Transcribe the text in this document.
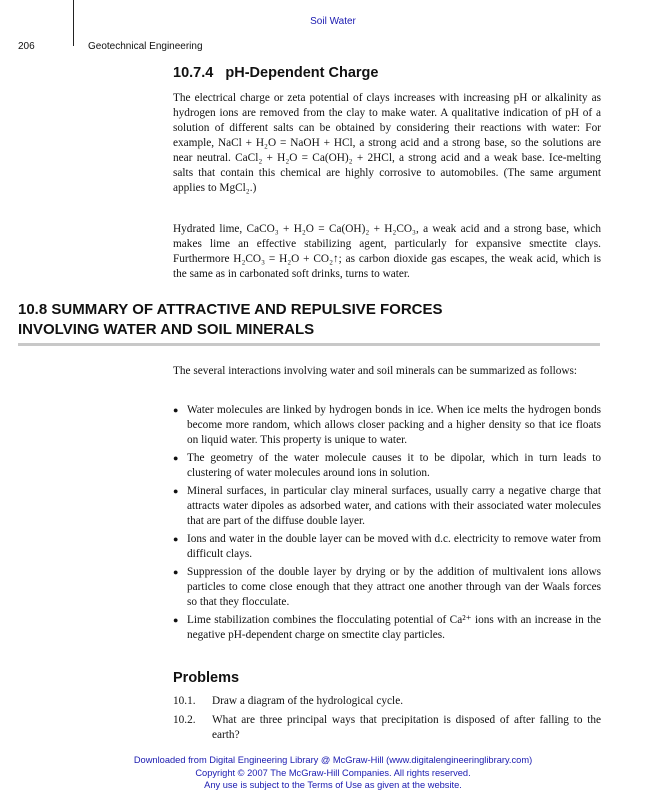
Soil Water
206	Geotechnical Engineering
10.7.4   pH-Dependent Charge

The electrical charge or zeta potential of clays increases with increasing pH or alkalinity as hydrogen ions are removed from the clay to make water. A qualitative indication of pH of a solution of different salts can be obtained by considering their reactions with water: For example, NaCl + H₂O = NaOH + HCl, a strong acid and a strong base, so the solutions are near neutral. CaCl₂ + H₂O = Ca(OH)₂ + 2HCl, a strong acid and a weak base. Ice-melting salts that contain this chemical are highly corrosive to automobiles. (The same argument applies to MgCl₂.)

Hydrated lime, CaCO₃ + H₂O = Ca(OH)₂ + H₂CO₃, a weak acid and a strong base, which makes lime an effective stabilizing agent, particularly for expansive smectite clays. Furthermore H₂CO₃ = H₂O + CO₂↑; as carbon dioxide gas escapes, the weak acid, which is the same as in carbonated soft drinks, turns to water.

10.8 SUMMARY OF ATTRACTIVE AND REPULSIVE FORCES
INVOLVING WATER AND SOIL MINERALS

The several interactions involving water and soil minerals can be summarized as follows:

● Water molecules are linked by hydrogen bonds in ice. When ice melts the hydrogen bonds become more random, which allows closer packing and a higher density so that ice floats on liquid water. This property is unique to water.
● The geometry of the water molecule causes it to be dipolar, which in turn leads to clustering of water molecules around ions in solution.
● Mineral surfaces, in particular clay mineral surfaces, usually carry a negative charge that attracts water dipoles as adsorbed water, and cations with their associated water molecules that are part of the diffuse double layer.
● Ions and water in the double layer can be moved with d.c. electricity to remove water from difficult clays.
● Suppression of the double layer by drying or by the addition of multivalent ions allows particles to come close enough that they attract one another through van der Waals forces so that they flocculate.
● Lime stabilization combines the flocculating potential of Ca²⁺ ions with an increase in the negative pH-dependent charge on smectite clay particles.
Problems
10.1. Draw a diagram of the hydrological cycle.
10.2. What are three principal ways that precipitation is disposed of after falling to the earth?
Downloaded from Digital Engineering Library @ McGraw-Hill (www.digitalengineeringlibrary.com)
Copyright © 2007 The McGraw-Hill Companies. All rights reserved.
Any use is subject to the Terms of Use as given at the website.
